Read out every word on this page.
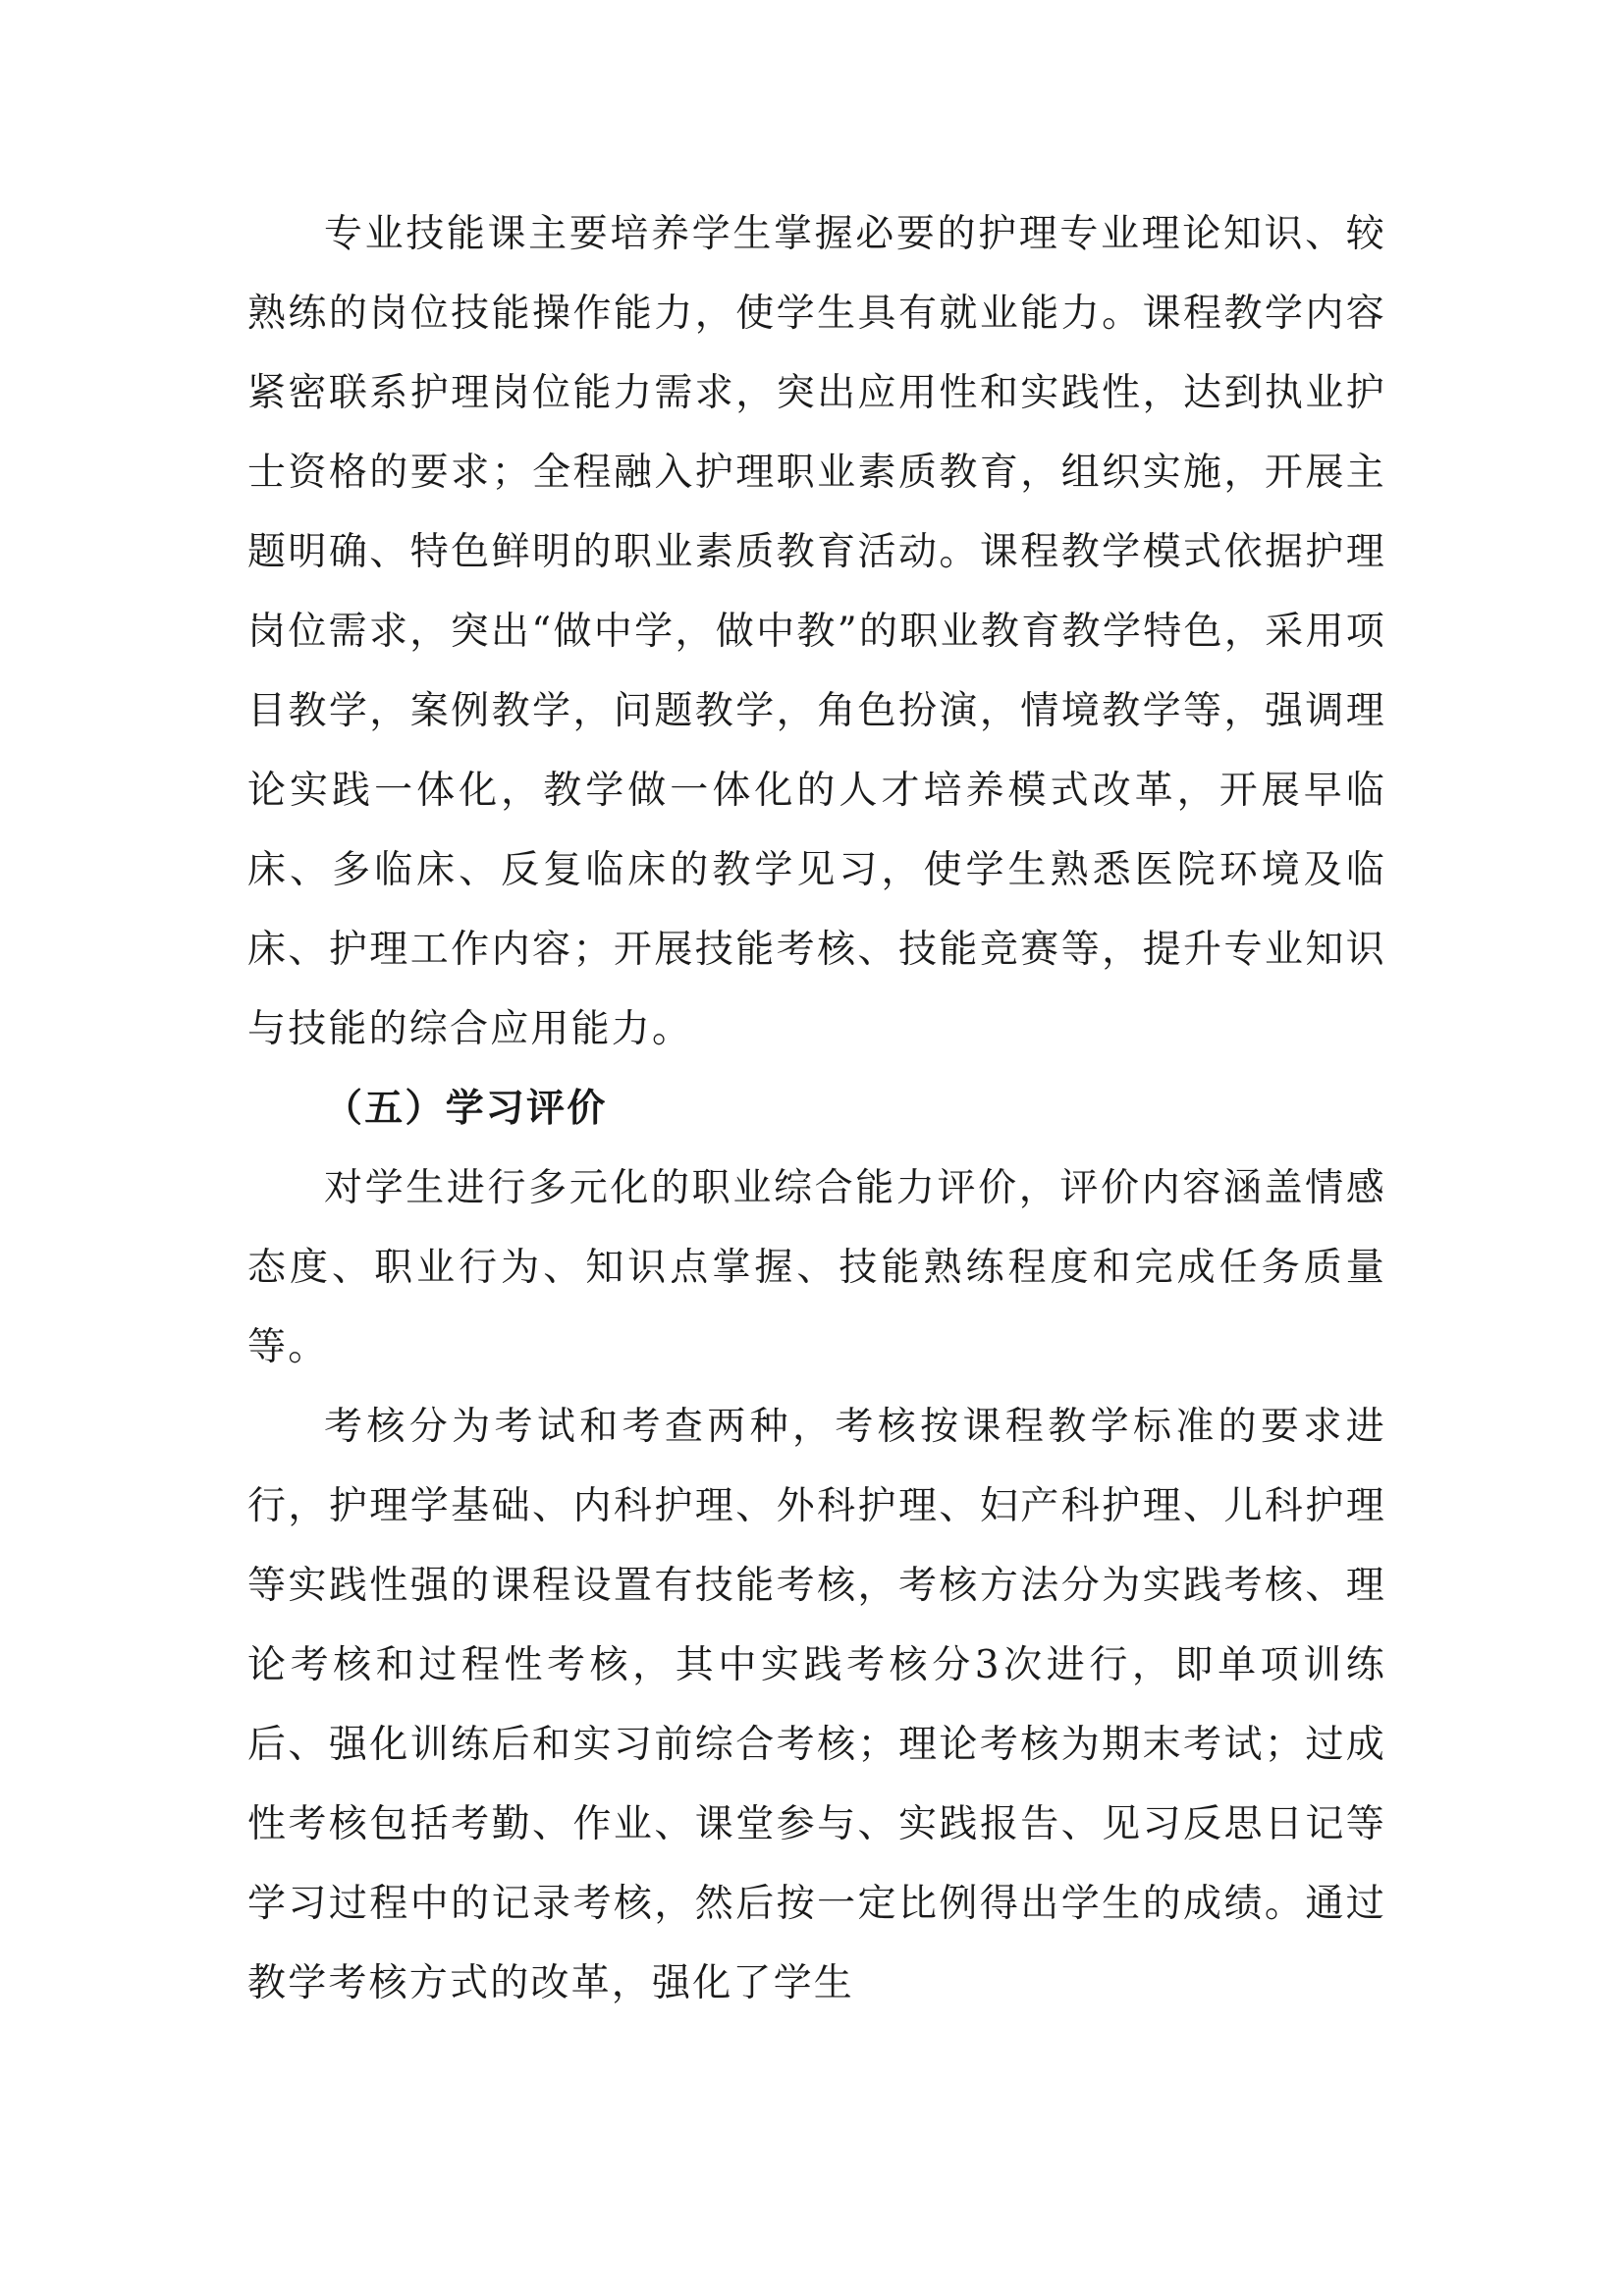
专业技能课主要培养学生掌握必要的护理专业理论知识、较熟练的岗位技能操作能力，使学生具有就业能力。课程教学内容紧密联系护理岗位能力需求，突出应用性和实践性，达到执业护士资格的要求；全程融入护理职业素质教育，组织实施，开展主题明确、特色鲜明的职业素质教育活动。课程教学模式依据护理岗位需求，突出“做中学，做中教”的职业教育教学特色，采用项目教学，案例教学，问题教学，角色扮演，情境教学等，强调理论实践一体化，教学做一体化的人才培养模式改革，开展早临床、多临床、反复临床的教学见习，使学生熟悉医院环境及临床、护理工作内容；开展技能考核、技能竞赛等，提升专业知识与技能的综合应用能力。

（五）学习评价

对学生进行多元化的职业综合能力评价，评价内容涵盖情感态度、职业行为、知识点掌握、技能熟练程度和完成任务质量等。

考核分为考试和考查两种，考核按课程教学标准的要求进行，护理学基础、内科护理、外科护理、妇产科护理、儿科护理等实践性强的课程设置有技能考核，考核方法分为实践考核、理论考核和过程性考核，其中实践考核分3次进行，即单项训练后、强化训练后和实习前综合考核；理论考核为期末考试；过成性考核包括考勤、作业、课堂参与、实践报告、见习反思日记等学习过程中的记录考核，然后按一定比例得出学生的成绩。通过教学考核方式的改革，强化了学生
